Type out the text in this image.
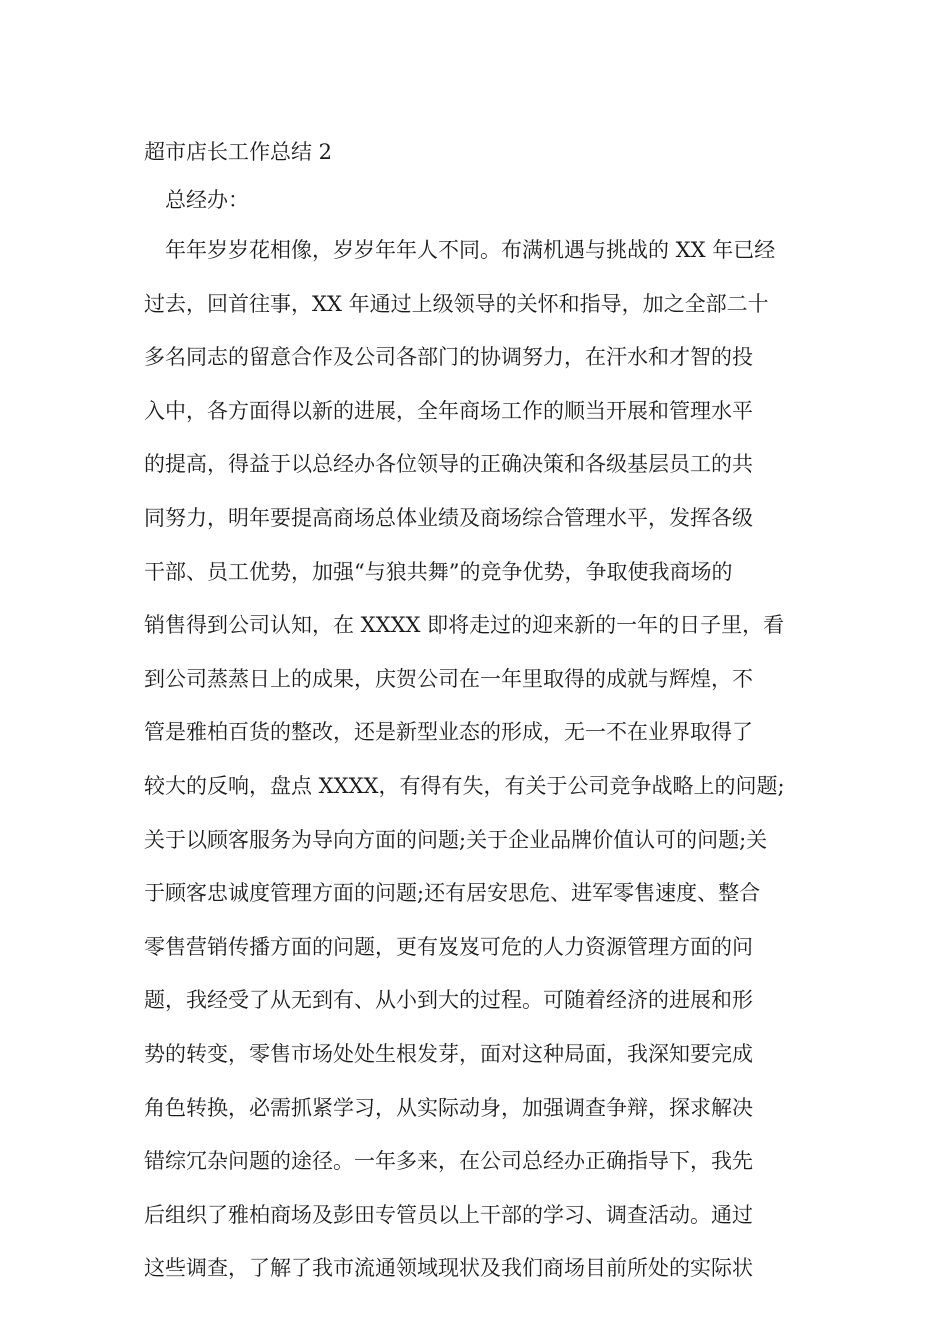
超市店长工作总结 2
总经办：
年年岁岁花相像，岁岁年年人不同。布满机遇与挑战的 XX 年已经
过去，回首往事，XX 年通过上级领导的关怀和指导，加之全部二十
多名同志的留意合作及公司各部门的协调努力，在汗水和才智的投
入中，各方面得以新的进展，全年商场工作的顺当开展和管理水平
的提高，得益于以总经办各位领导的正确决策和各级基层员工的共
同努力，明年要提高商场总体业绩及商场综合管理水平，发挥各级
干部、员工优势，加强“与狼共舞”的竞争优势，争取使我商场的
销售得到公司认知，在 XXXX 即将走过的迎来新的一年的日子里，看
到公司蒸蒸日上的成果，庆贺公司在一年里取得的成就与辉煌，不
管是雅柏百货的整改，还是新型业态的形成，无一不在业界取得了
较大的反响，盘点 XXXX，有得有失，有关于公司竞争战略上的问题;
关于以顾客服务为导向方面的问题;关于企业品牌价值认可的问题;关
于顾客忠诚度管理方面的问题;还有居安思危、进军零售速度、整合
零售营销传播方面的问题，更有岌岌可危的人力资源管理方面的问
题，我经受了从无到有、从小到大的过程。可随着经济的进展和形
势的转变，零售市场处处生根发芽，面对这种局面，我深知要完成
角色转换，必需抓紧学习，从实际动身，加强调查争辩，探求解决
错综冗杂问题的途径。一年多来，在公司总经办正确指导下，我先
后组织了雅柏商场及彭田专管员以上干部的学习、调查活动。通过
这些调查，了解了我市流通领域现状及我们商场目前所处的实际状
